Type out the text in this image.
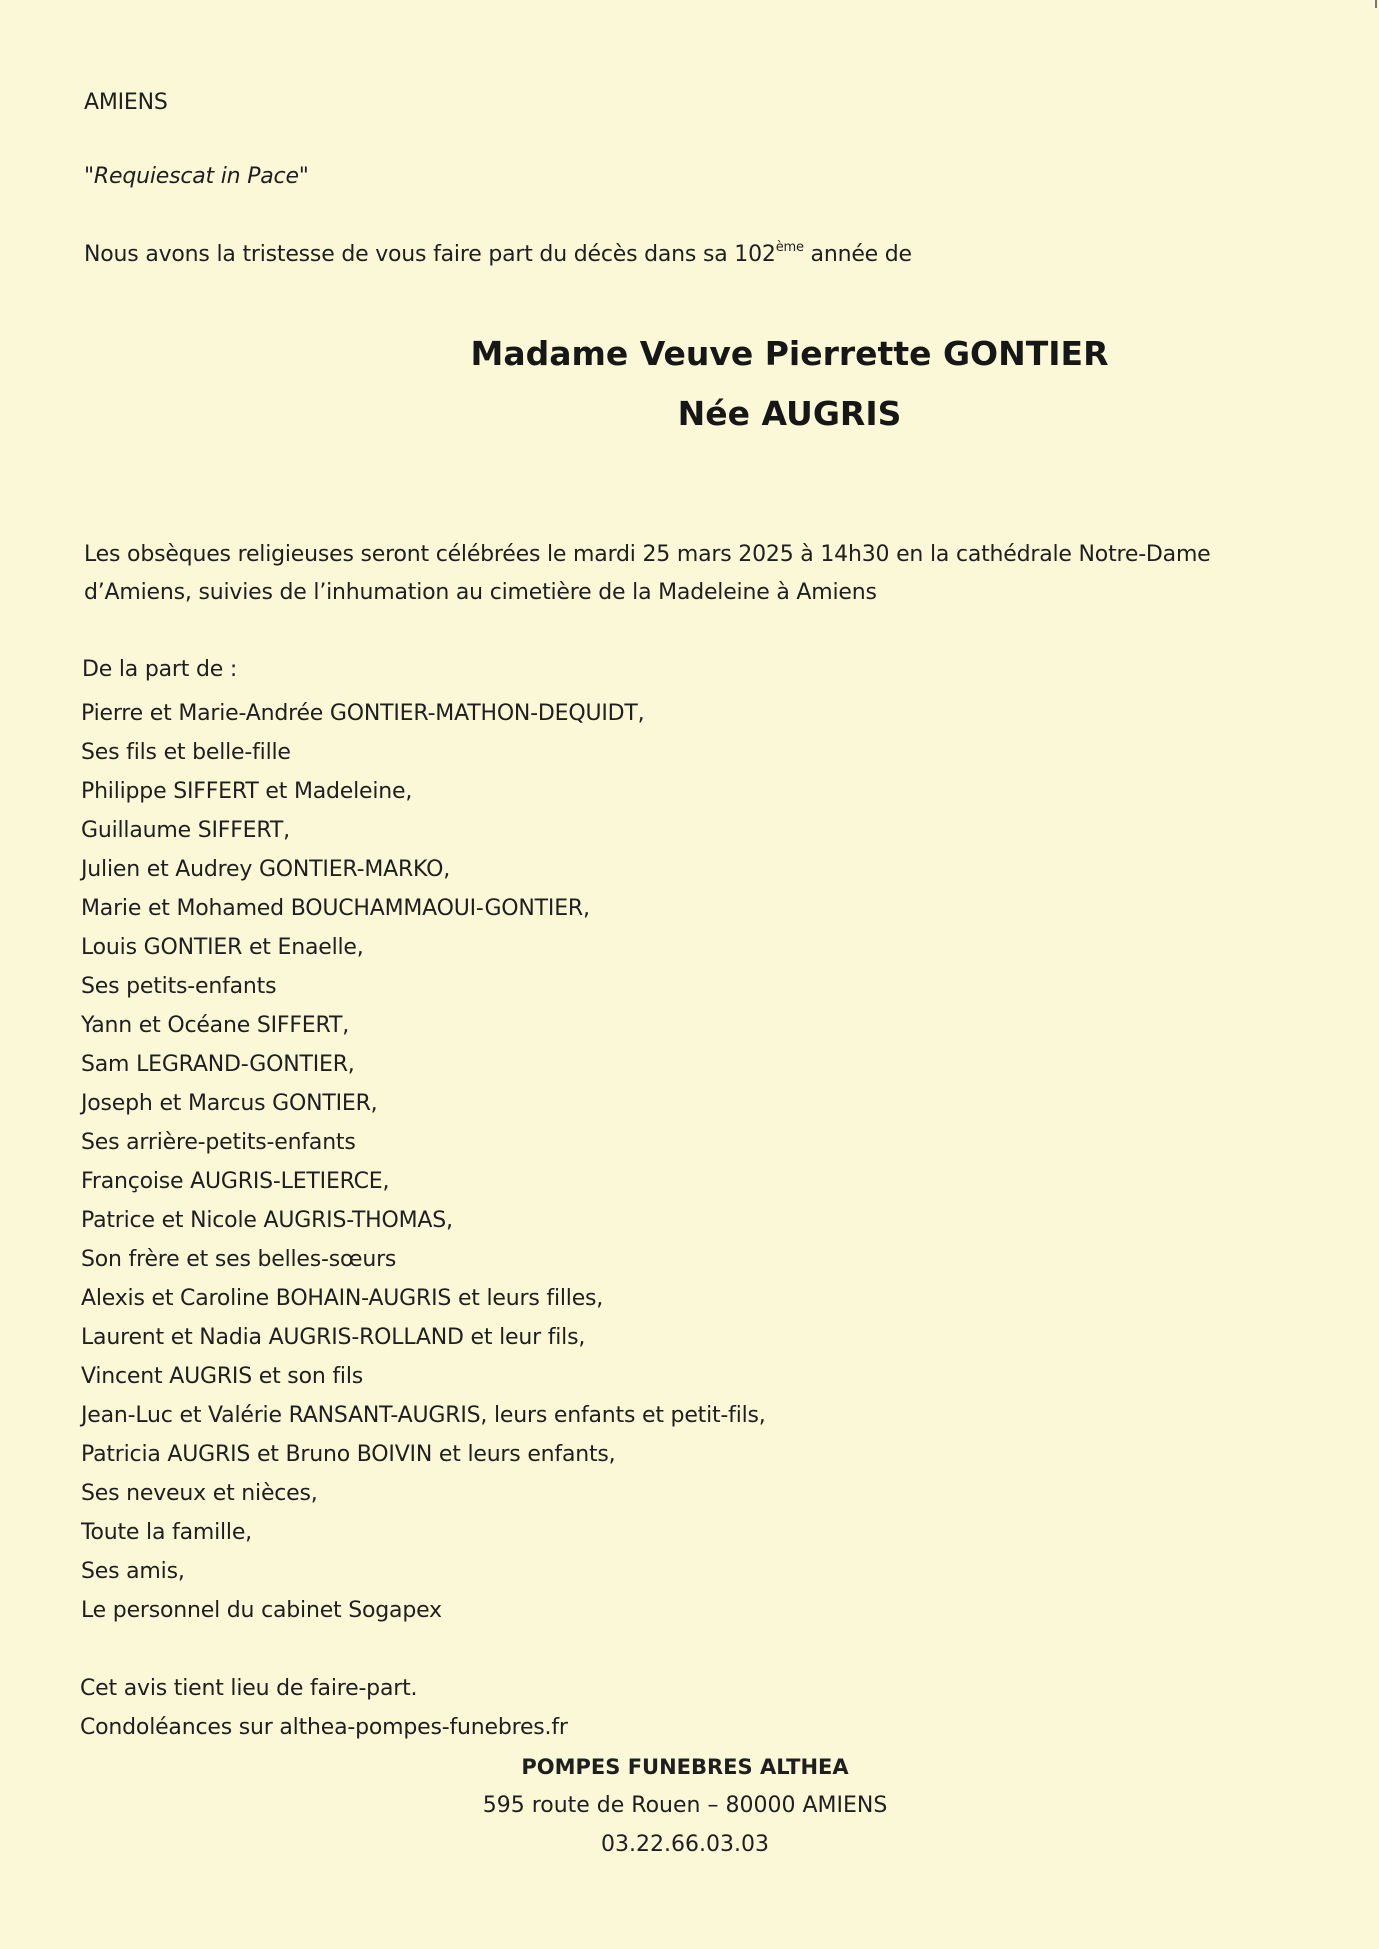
AMIENS
"Requiescat in Pace"
Nous avons la tristesse de vous faire part du décès dans sa 102ème année de
Madame Veuve Pierrette GONTIER
Née AUGRIS
Les obsèques religieuses seront célébrées le mardi 25 mars 2025 à 14h30 en la cathédrale Notre-Dame
d’Amiens, suivies de l’inhumation au cimetière de la Madeleine à Amiens
De la part de :
Pierre et Marie-Andrée GONTIER-MATHON-DEQUIDT,
Ses fils et belle-fille
Philippe SIFFERT et Madeleine,
Guillaume SIFFERT,
Julien et Audrey GONTIER-MARKO,
Marie et Mohamed BOUCHAMMAOUI-GONTIER,
Louis GONTIER et Enaelle,
Ses petits-enfants
Yann et Océane SIFFERT,
Sam LEGRAND-GONTIER,
Joseph et Marcus GONTIER,
Ses arrière-petits-enfants
Françoise AUGRIS-LETIERCE,
Patrice et Nicole AUGRIS-THOMAS,
Son frère et ses belles-sœurs
Alexis et Caroline BOHAIN-AUGRIS et leurs filles,
Laurent et Nadia AUGRIS-ROLLAND et leur fils,
Vincent AUGRIS et son fils
Jean-Luc et Valérie RANSANT-AUGRIS, leurs enfants et petit-fils,
Patricia AUGRIS et Bruno BOIVIN et leurs enfants,
Ses neveux et nièces,
Toute la famille,
Ses amis,
Le personnel du cabinet Sogapex
Cet avis tient lieu de faire-part.
Condoléances sur althea-pompes-funebres.fr
POMPES FUNEBRES ALTHEA
595 route de Rouen – 80000 AMIENS
03.22.66.03.03
